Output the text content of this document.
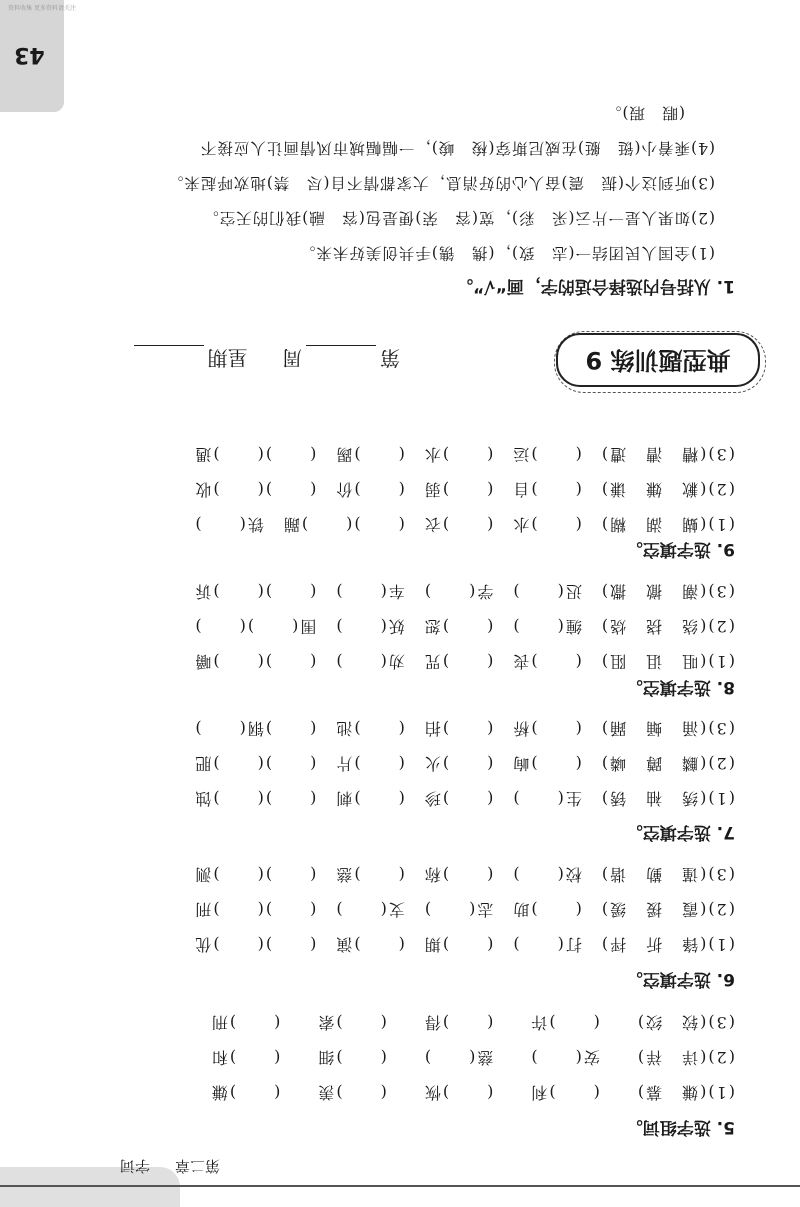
第二章
字词
43
5. 选字组词。
(1)(嫌　慕)　　(　　)利　　(　　)恢　　(　　)羡　　(　　)嫌
(2)(详　祥)　　安(　　)　　慈(　　)　　(　　)细　　(　　)和
(3)(较　绞)　　(　　)许　　(　　)得　　(　　)索　　(　　)刑
6. 选字填空。
(1)(锋　折　抨)　打(　　)　(　　)期　(　　)演　(　　)(　　)优
(2)(霞　援　缓)　(　　)助　志(　　)　支(　　)　(　　)(　　)刑
(3)(谨　勤　谐)　校(　　)　(　　)称　(　　)慈　(　　)(　　)测
7. 选字填空。
(1)(绣　袖　锈)　生(　　)　(　　)珍　(　　)刺　(　　)(　　)蚀
(2)(麟　蹲　嶙)　(　　)峋　(　　)火　(　　)片　(　　)(　　)肥
(3)(涌　蛹　踊)　(　　)桥　(　　)拍　(　　)池　(　　)钢(　　)
8. 选字填空。
(1)(咀　诅　阻)　(　　)丧　(　　)咒　劝(　　)　(　　)(　　)嚼
(2)(绕　挠　烧)　缠(　　)　(　　)恕　妖(　　)　围(　　)(　　)
(3)(潮　撤　撒)　迟(　　)　学(　　)　车(　　)　(　　)(　　)诉
9. 选字填空。
(1)(蝴　湖　糊)　(　　)水　(　　)衣　(　　)(　　)蹦　铁(　　)
(2)(歉　嫌　谦)　(　　)自　(　　)弱　(　　)价　(　　)(　　)收
(3)(糟　漕　遭)　(　　)运　(　　)水　(　　)踢　(　　)(　　)遇
典型题训练 9
第周 星期
1. 从括号内选择合适的字，画“√”。
(1)全国人民团结一(志　致)，(携　镌)手共创美好未来。
(2)如果人是一片云(采　彩)，宽(容　荣)便是包(容　融)我们的天空。
(3)听到这个(振　震)奋人心的好消息，大家都情不自(尽　禁)地欢呼起来。
(4)乘着小(铤　艇)在威尼斯穿(梭　峻)，一幅幅城市风情画让人应接不
(暇　瑕)。
资料收集 更多资料请关注
